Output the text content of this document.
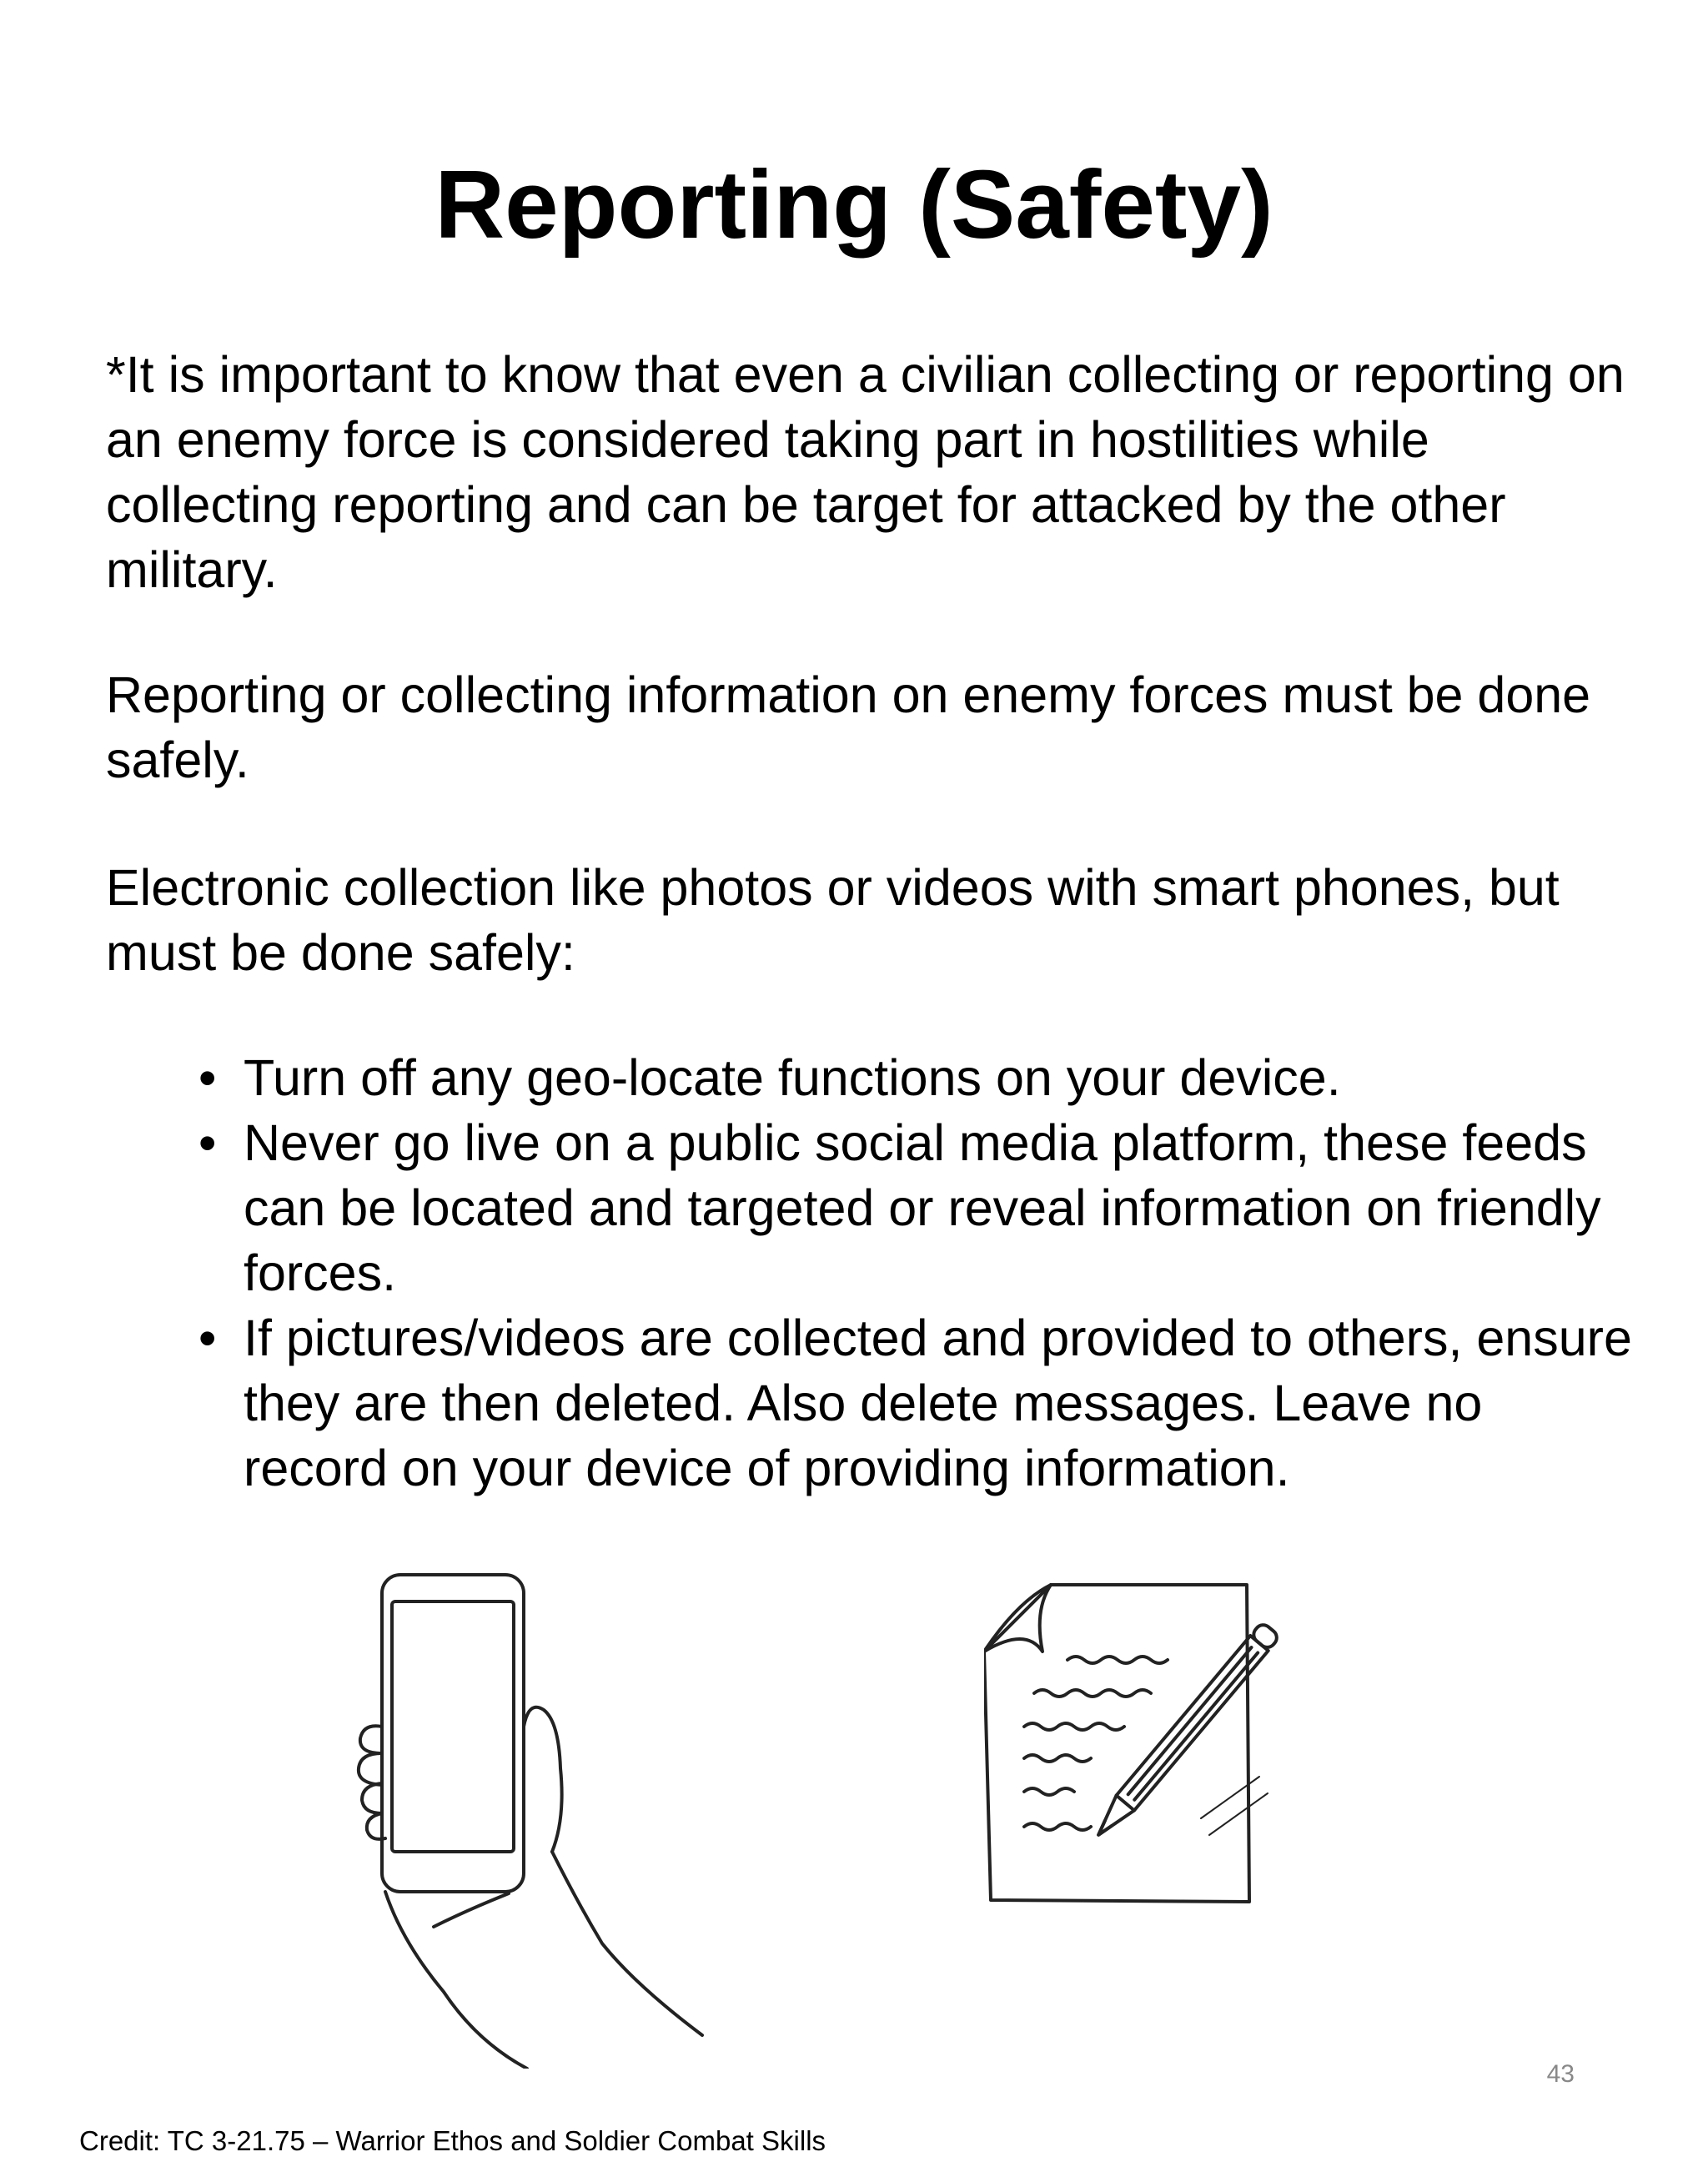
Reporting (Safety)

*It is important to know that even a civilian collecting or reporting on an enemy force is considered taking part in hostilities while collecting reporting and can be target for attacked by the other military.

Reporting or collecting information on enemy forces must be done safely.

Electronic collection like photos or videos with smart phones, but must be done safely:

• Turn off any geo-locate functions on your device.
• Never go live on a public social media platform, these feeds can be located and targeted or reveal information on friendly forces.
• If pictures/videos are collected and provided to others, ensure they are then deleted. Also delete messages. Leave no record on your device of providing information.
43
Credit: TC 3-21.75 – Warrior Ethos and Soldier Combat Skills
